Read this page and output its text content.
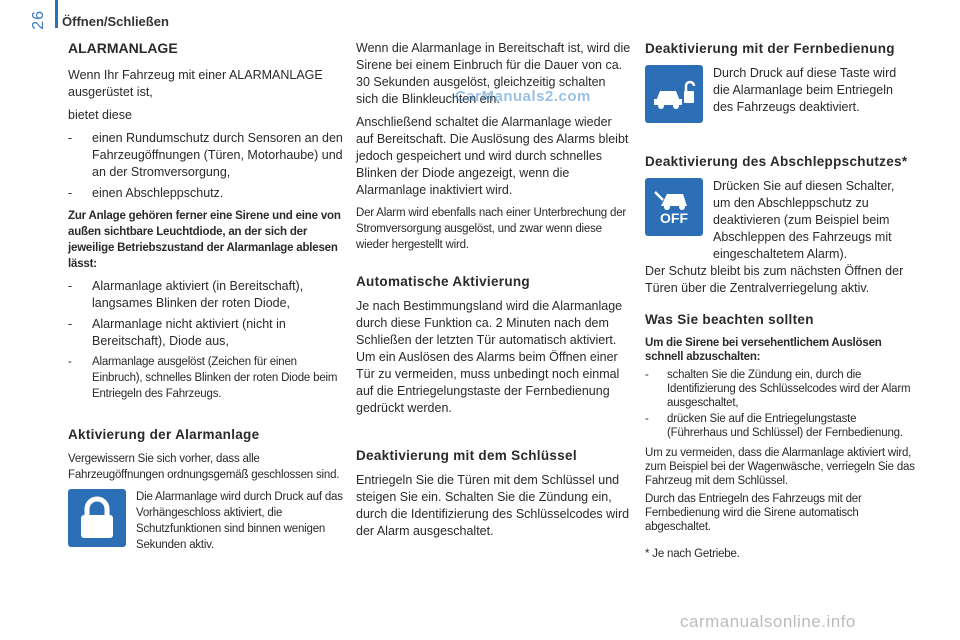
26 Öffnen/Schließen
ALARMANLAGE

Wenn Ihr Fahrzeug mit einer ALARMANLAGE ausgerüstet ist,

bietet diese

- einen Rundumschutz durch Sensoren an den Fahrzeugöffnungen (Türen, Motorhaube) und an der Stromversorgung,
- einen Abschleppschutz.

Zur Anlage gehören ferner eine Sirene und eine von außen sichtbare Leuchtdiode, an der sich der jeweilige Betriebszustand der Alarmanlage ablesen lässt:

- Alarmanlage aktiviert (in Bereitschaft), langsames Blinken der roten Diode,
- Alarmanlage nicht aktiviert (nicht in Bereitschaft), Diode aus,
- Alarmanlage ausgelöst (Zeichen für einen Einbruch), schnelles Blinken der roten Diode beim Entriegeln des Fahrzeugs.
Aktivierung der Alarmanlage

Vergewissern Sie sich vorher, dass alle Fahrzeugöffnungen ordnungsgemäß geschlossen sind.

Die Alarmanlage wird durch Druck auf das Vorhängeschloss aktiviert, die Schutzfunktionen sind binnen wenigen Sekunden aktiv.

Wenn die Alarmanlage in Bereitschaft ist, wird die Sirene bei einem Einbruch für die Dauer von ca. 30 Sekunden ausgelöst, gleichzeitig schalten sich die Blinkleuchten ein.

Anschließend schaltet die Alarmanlage wieder auf Bereitschaft. Die Auslösung des Alarms bleibt jedoch gespeichert und wird durch schnelles Blinken der Diode angezeigt, wenn die Alarmanlage inaktiviert wird.

Der Alarm wird ebenfalls nach einer Unterbrechung der Stromversorgung ausgelöst, und zwar wenn diese wieder hergestellt wird.

Automatische Aktivierung

Je nach Bestimmungsland wird die Alarmanlage durch diese Funktion ca. 2 Minuten nach dem Schließen der letzten Tür automatisch aktiviert. Um ein Auslösen des Alarms beim Öffnen einer Tür zu vermeiden, muss unbedingt noch einmal auf die Entriegelungstaste der Fernbedienung gedrückt werden.

Deaktivierung mit dem Schlüssel

Entriegeln Sie die Türen mit dem Schlüssel und steigen Sie ein. Schalten Sie die Zündung ein, durch die Identifizierung des Schlüsselcodes wird der Alarm ausgeschaltet.

Deaktivierung mit der Fernbedienung
Durch Druck auf diese Taste wird die Alarmanlage beim Entriegeln des Fahrzeugs deaktiviert.
Deaktivierung des Abschleppschutzes*
OFF
Drücken Sie auf diesen Schalter, um den Abschleppschutz zu deaktivieren (zum Beispiel beim Abschleppen des Fahrzeugs mit eingeschaltetem Alarm).

Der Schutz bleibt bis zum nächsten Öffnen der Türen über die Zentralverriegelung aktiv.

Was Sie beachten sollten

Um die Sirene bei versehentlichem Auslösen schnell abzuschalten:

- schalten Sie die Zündung ein, durch die Identifizierung des Schlüsselcodes wird der Alarm ausgeschaltet,
- drücken Sie auf die Entriegelungstaste (Führerhaus und Schlüssel) der Fernbedienung.

Um zu vermeiden, dass die Alarmanlage aktiviert wird, zum Beispiel bei der Wagenwäsche, verriegeln Sie das Fahrzeug mit dem Schlüssel.

Durch das Entriegeln des Fahrzeugs mit der Fernbedienung wird die Sirene automatisch abgeschaltet.

* Je nach Getriebe.

CarManuals2.com
carmanualsonline.info
